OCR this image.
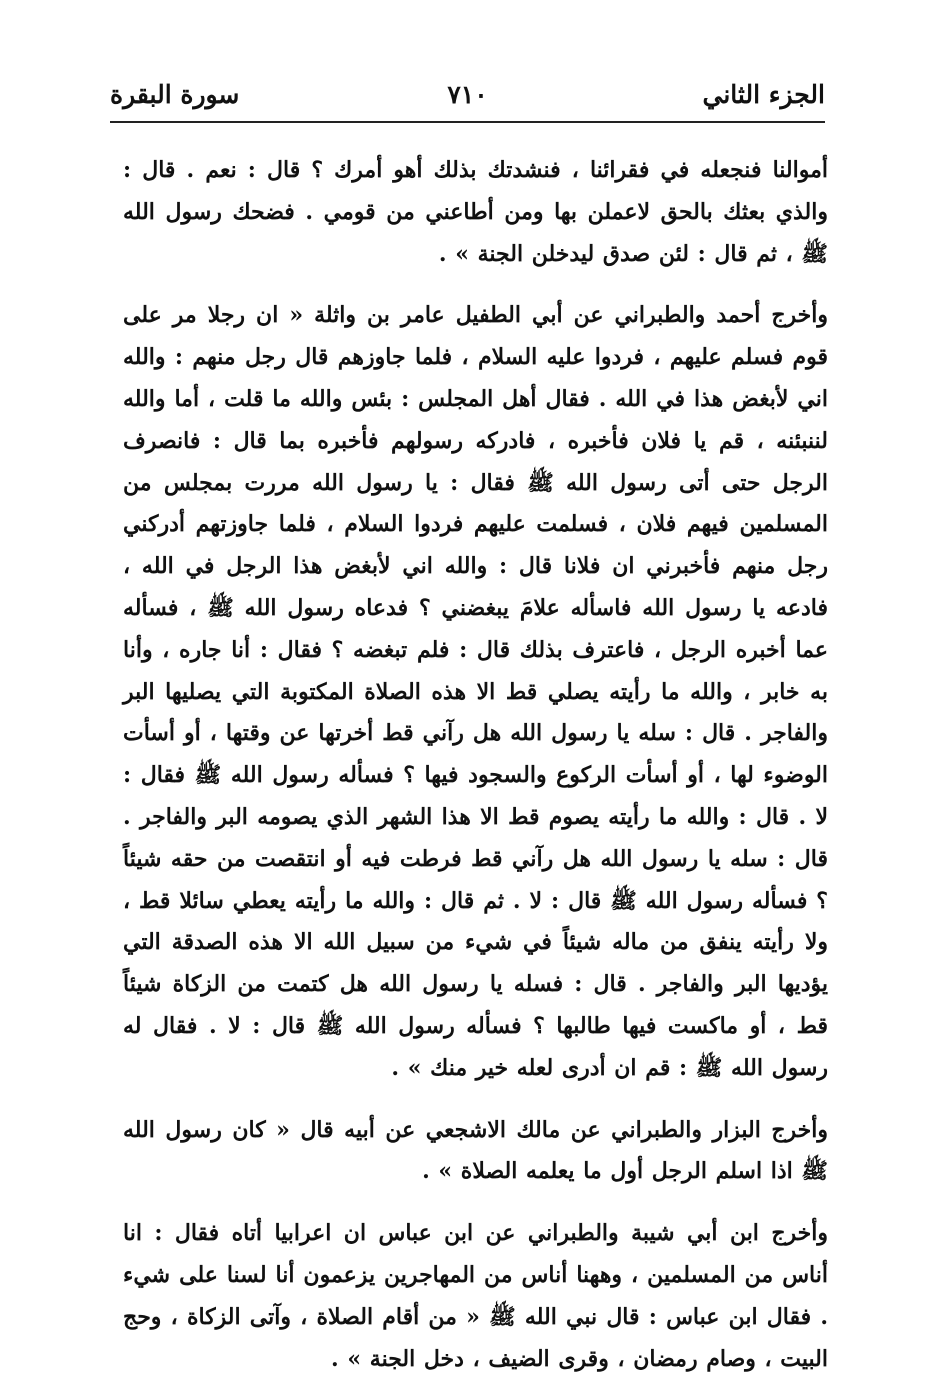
الجزء الثاني
٧١٠
سورة البقرة

أموالنا فنجعله في فقرائنا ، فنشدتك بذلك أهو أمرك ؟ قال : نعم . قال : والذي بعثك بالحق لاعملن بها ومن أطاعني من قومي . فضحك رسول الله ﷺ ، ثم قال : لئن صدق ليدخلن الجنة » .

وأخرج أحمد والطبراني عن أبي الطفيل عامر بن واثلة « ان رجلا مر على قوم فسلم عليهم ، فردوا عليه السلام ، فلما جاوزهم قال رجل منهم : والله اني لأبغض هذا في الله . فقال أهل المجلس : بئس والله ما قلت ، أما والله لننبئنه ، قم يا فلان فأخبره ، فادركه رسولهم فأخبره بما قال : فانصرف الرجل حتى أتى رسول الله ﷺ فقال : يا رسول الله مررت بمجلس من المسلمين فيهم فلان ، فسلمت عليهم فردوا السلام ، فلما جاوزتهم أدركني رجل منهم فأخبرني ان فلانا قال : والله اني لأبغض هذا الرجل في الله ، فادعه يا رسول الله فاسأله علامَ يبغضني ؟ فدعاه رسول الله ﷺ ، فسأله عما أخبره الرجل ، فاعترف بذلك قال : فلم تبغضه ؟ فقال : أنا جاره ، وأنا به خابر ، والله ما رأيته يصلي قط الا هذه الصلاة المكتوبة التي يصليها البر والفاجر . قال : سله يا رسول الله هل رآني قط أخرتها عن وقتها ، أو أسأت الوضوء لها ، أو أسأت الركوع والسجود فيها ؟ فسأله رسول الله ﷺ فقال : لا . قال : والله ما رأيته يصوم قط الا هذا الشهر الذي يصومه البر والفاجر . قال : سله يا رسول الله هل رآني قط فرطت فيه أو انتقصت من حقه شيئاً ؟ فسأله رسول الله ﷺ قال : لا . ثم قال : والله ما رأيته يعطي سائلا قط ، ولا رأيته ينفق من ماله شيئاً في شيء من سبيل الله الا هذه الصدقة التي يؤديها البر والفاجر . قال : فسله يا رسول الله هل كتمت من الزكاة شيئاً قط ، أو ماكست فيها طالبها ؟ فسأله رسول الله ﷺ قال : لا . فقال له رسول الله ﷺ : قم ان أدرى لعله خير منك » .

وأخرج البزار والطبراني عن مالك الاشجعي عن أبيه قال « كان رسول الله ﷺ اذا اسلم الرجل أول ما يعلمه الصلاة » .

وأخرج ابن أبي شيبة والطبراني عن ابن عباس ان اعرابيا أتاه فقال : انا أناس من المسلمين ، وههنا أناس من المهاجرين يزعمون أنا لسنا على شيء . فقال ابن عباس : قال نبي الله ﷺ « من أقام الصلاة ، وآتى الزكاة ، وحج البيت ، وصام رمضان ، وقرى الضيف ، دخل الجنة » .
